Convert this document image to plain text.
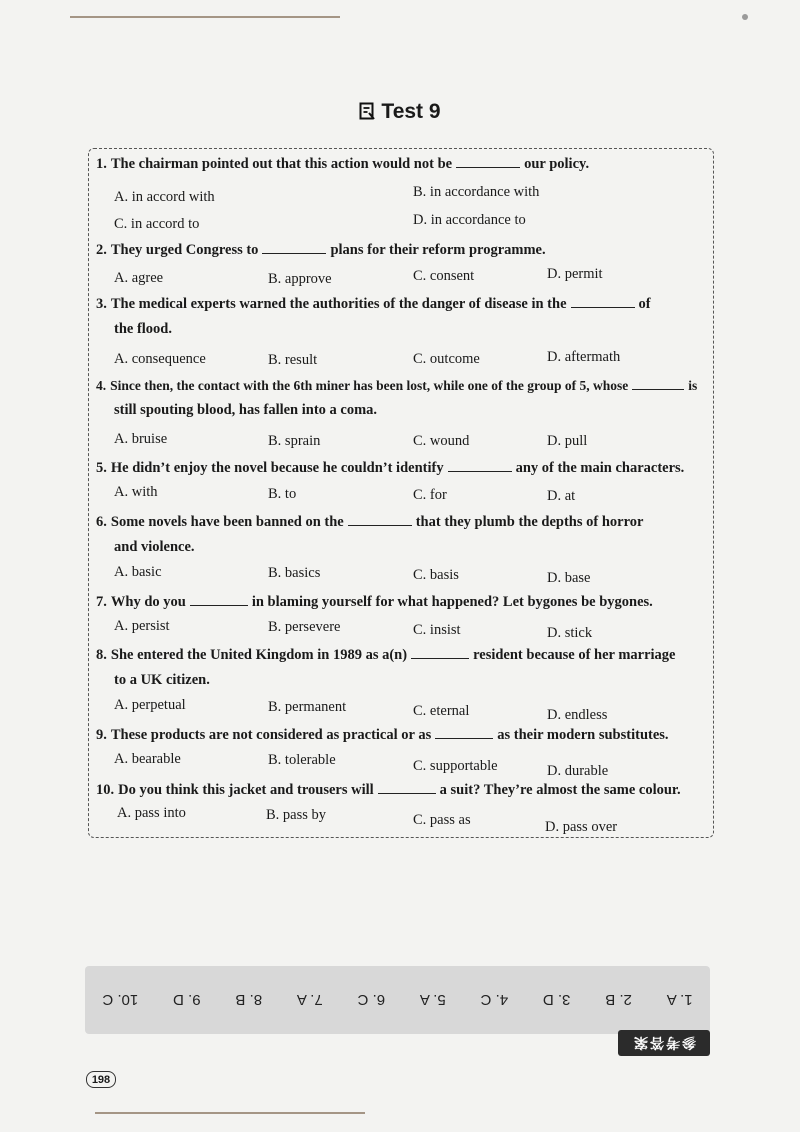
Test 9
1. The chairman pointed out that this action would not be	our policy.
A. in accord with	B. in accordance with
C. in accord to	D. in accordance to
2. They urged Congress to	plans for their reform programme.
A. agree	B. approve	C. consent	D. permit
3. The medical experts warned the authorities of the danger of disease in the	of
the flood.
A. consequence	B. result	C. outcome	D. aftermath
4. Since then, the contact with the 6th miner has been lost, while one of the group of 5, whose	is
still spouting blood, has fallen into a coma.
A. bruise	B. sprain	C. wound	D. pull
5. He didn’t enjoy the novel because he couldn’t identify	any of the main characters.
A. with	B. to	C. for	D. at
6. Some novels have been banned on the	that they plumb the depths of horror
and violence.
A. basic	B. basics	C. basis	D. base
7. Why do you	in blaming yourself for what happened? Let bygones be bygones.
A. persist	B. persevere	C. insist	D. stick
8. She entered the United Kingdom in 1989 as a(n)	resident because of her marriage
to a UK citizen.
A. perpetual	B. permanent	C. eternal	D. endless
9. These products are not considered as practical or as	as their modern substitutes.
A. bearable	B. tolerable	C. supportable	D. durable
10. Do you think this jacket and trousers will	a suit? They’re almost the same colour.
A. pass into	B. pass by	C. pass as	D. pass over
1. A
2. B
3. D
4. C
5. A
6. C
7. A
8. B
9. D
10. C
参考答案
198
